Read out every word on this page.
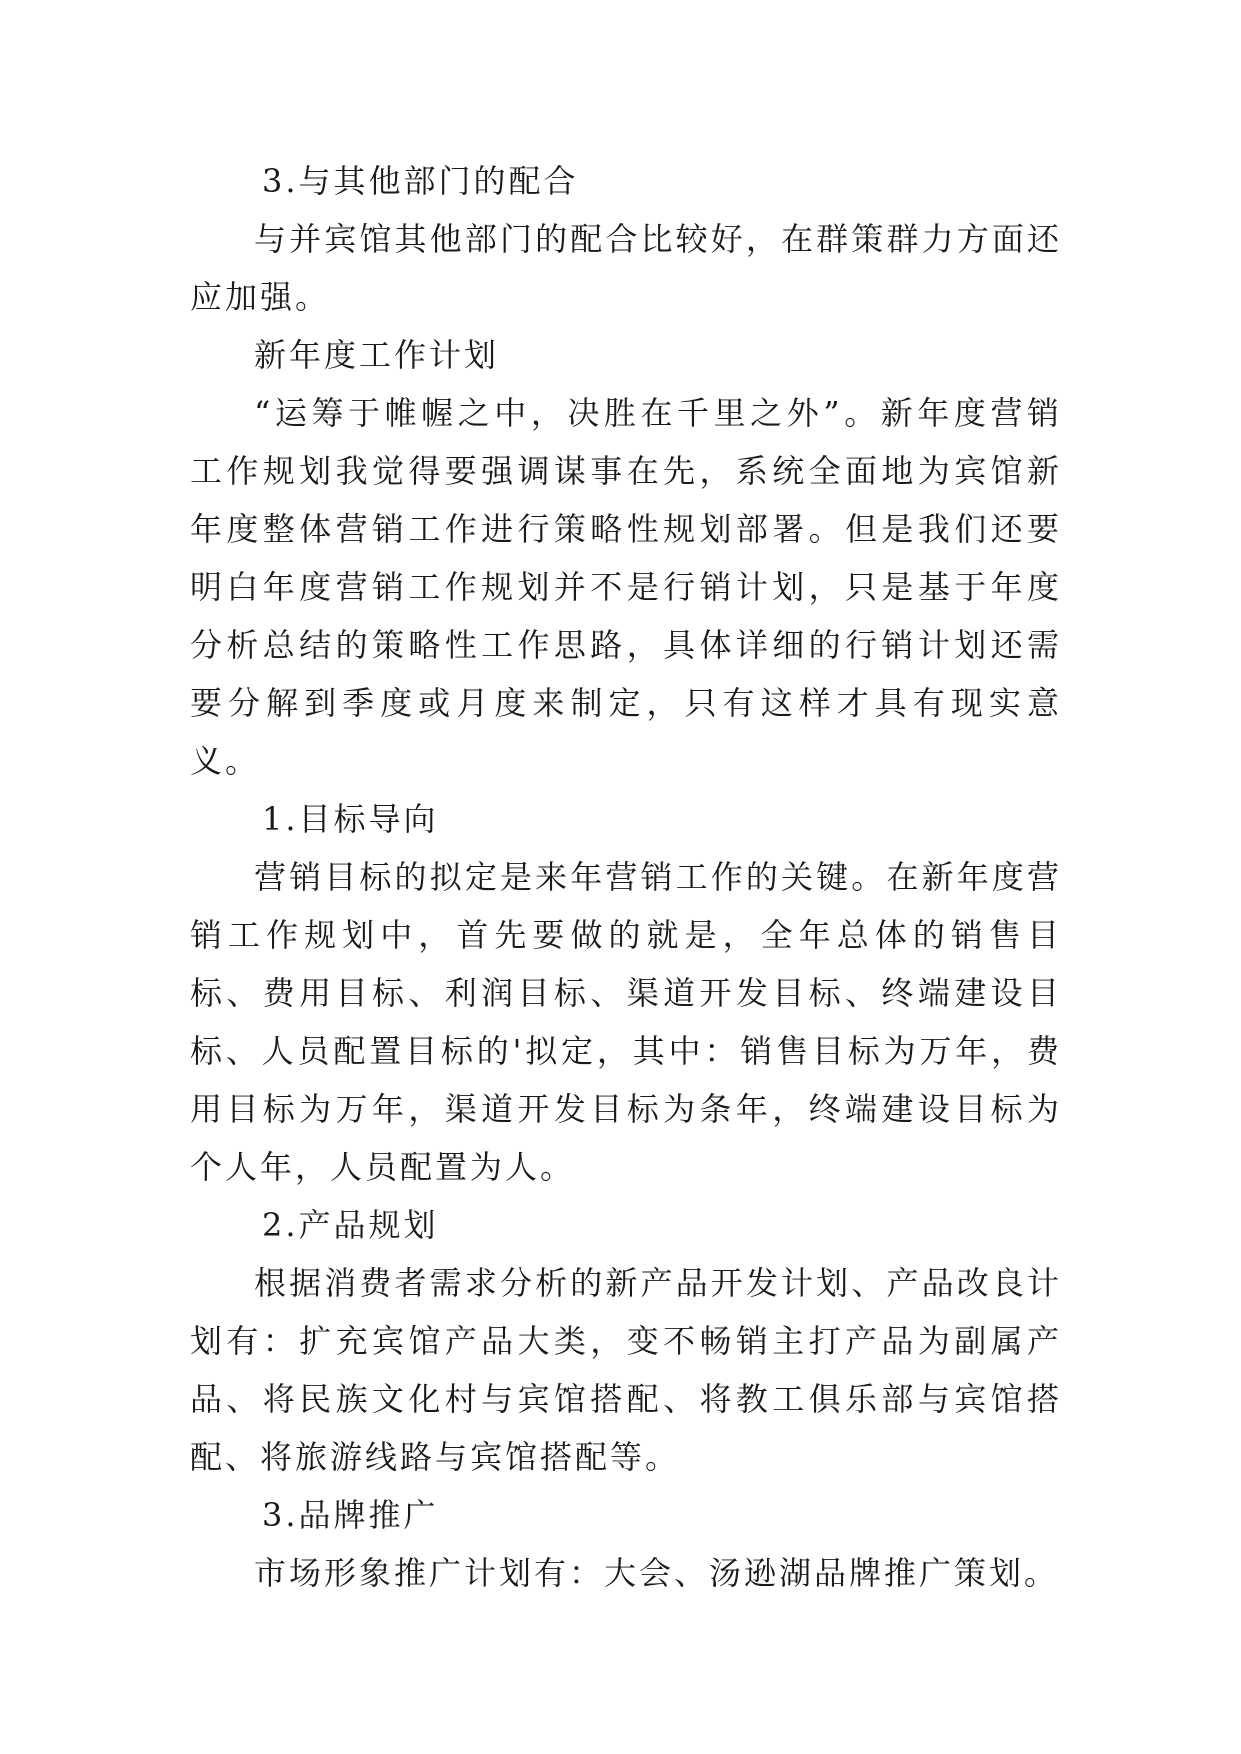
3.与其他部门的配合

与并宾馆其他部门的配合比较好，在群策群力方面还应加强。

新年度工作计划

“运筹于帷幄之中，决胜在千里之外”。新年度营销工作规划我觉得要强调谋事在先，系统全面地为宾馆新年度整体营销工作进行策略性规划部署。但是我们还要明白年度营销工作规划并不是行销计划，只是基于年度分析总结的策略性工作思路，具体详细的行销计划还需要分解到季度或月度来制定，只有这样才具有现实意义。

1.目标导向

营销目标的拟定是来年营销工作的关键。在新年度营销工作规划中，首先要做的就是，全年总体的销售目标、费用目标、利润目标、渠道开发目标、终端建设目标、人员配置目标的'拟定，其中：销售目标为万年，费用目标为万年，渠道开发目标为条年，终端建设目标为个人年，人员配置为人。

2.产品规划

根据消费者需求分析的新产品开发计划、产品改良计划有：扩充宾馆产品大类，变不畅销主打产品为副属产品、将民族文化村与宾馆搭配、将教工俱乐部与宾馆搭配、将旅游线路与宾馆搭配等。

3.品牌推广

市场形象推广计划有：大会、汤逊湖品牌推广策划。
